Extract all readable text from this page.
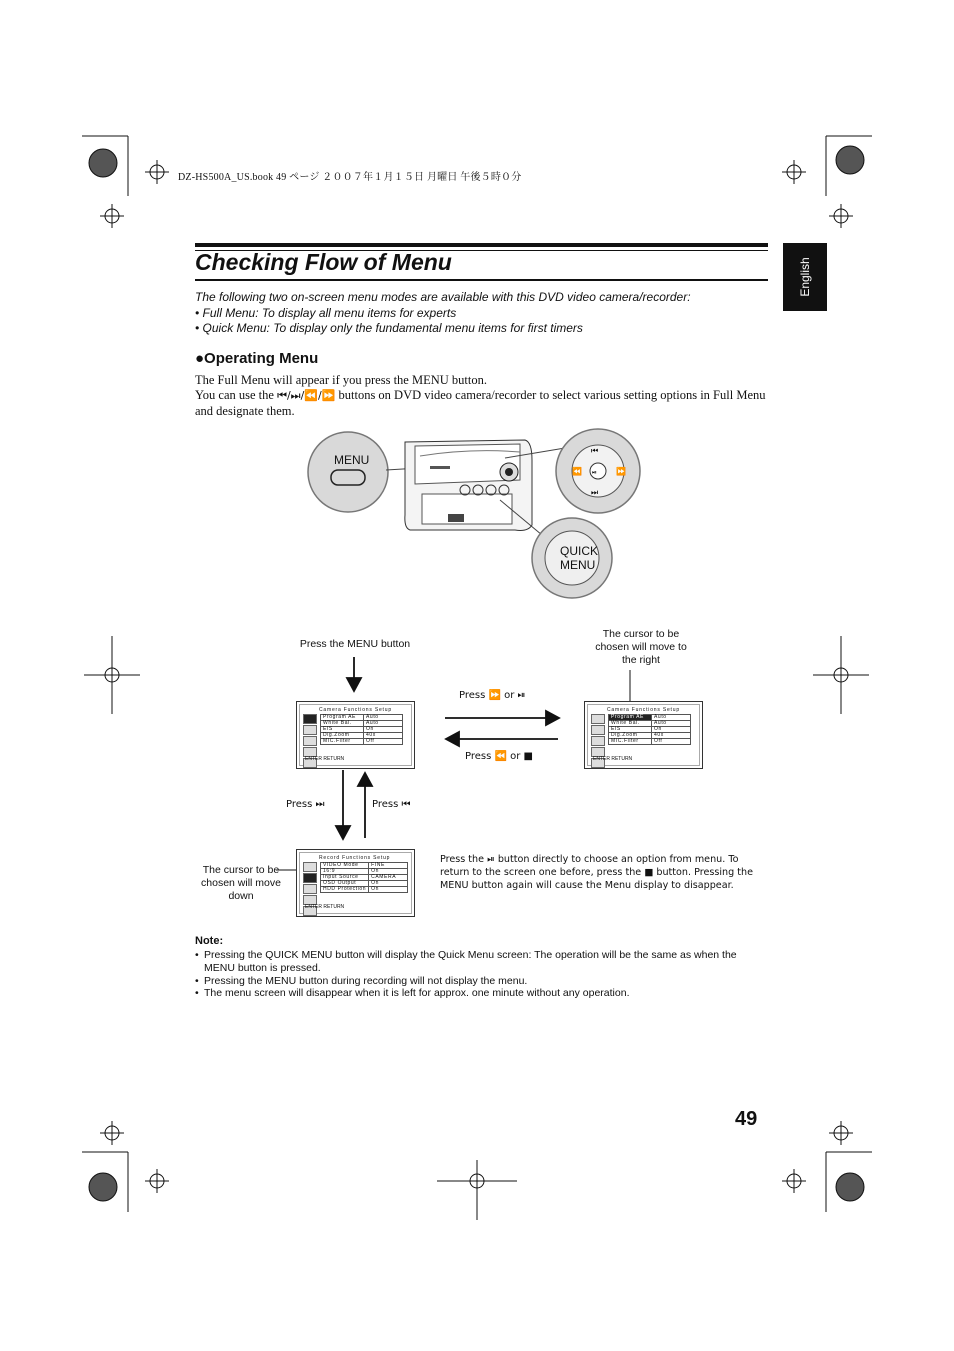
DZ-HS500A_US.book 49 ページ ２００７年１月１５日 月曜日 午後５時０分
Checking Flow of Menu	English
The following two on-screen menu modes are available with this DVD video camera/recorder:
• Full Menu: To display all menu items for experts
• Quick Menu: To display only the fundamental menu items for first timers
●Operating Menu
The Full Menu will appear if you press the MENU button.
You can use the ⏮/⏭/⏪/⏩ buttons on DVD video camera/recorder to select various setting options in Full Menu and designate them.
⏮
⏭
⏪	⏩
⏯
MENU
QUICK
MENU
Press the MENU button
The cursor to be chosen will move to the right
Press ⏩ or ⏯
Press ⏪ or ■
Press ⏭	Press ⏮
The cursor to be chosen will move down
Press the ⏯ button directly to choose an option from menu. To return to the screen one before, press the ■ button. Pressing the MENU button again will cause the Menu display to disappear.
Camera Functions Setup
Program AE	Auto
White Bal.	Auto
EIS	On
Dig.Zoom	40x
MIC.Filter	Off
ENTER RETURN
Camera Functions Setup
Program AE	Auto
White Bal.	Auto
EIS	On
Dig.Zoom	40x
MIC.Filter	Off
ENTER RETURN
Record Functions Setup
VIDEO Mode	FINE
16:9	On
Input Source	CAMERA
OSD Output	On
HDD Protection	On
ENTER RETURN
Note:
• Pressing the QUICK MENU button will display the Quick Menu screen: The operation will be the same as when the MENU button is pressed.
• Pressing the MENU button during recording will not display the menu.
• The menu screen will disappear when it is left for approx. one minute without any operation.
49
